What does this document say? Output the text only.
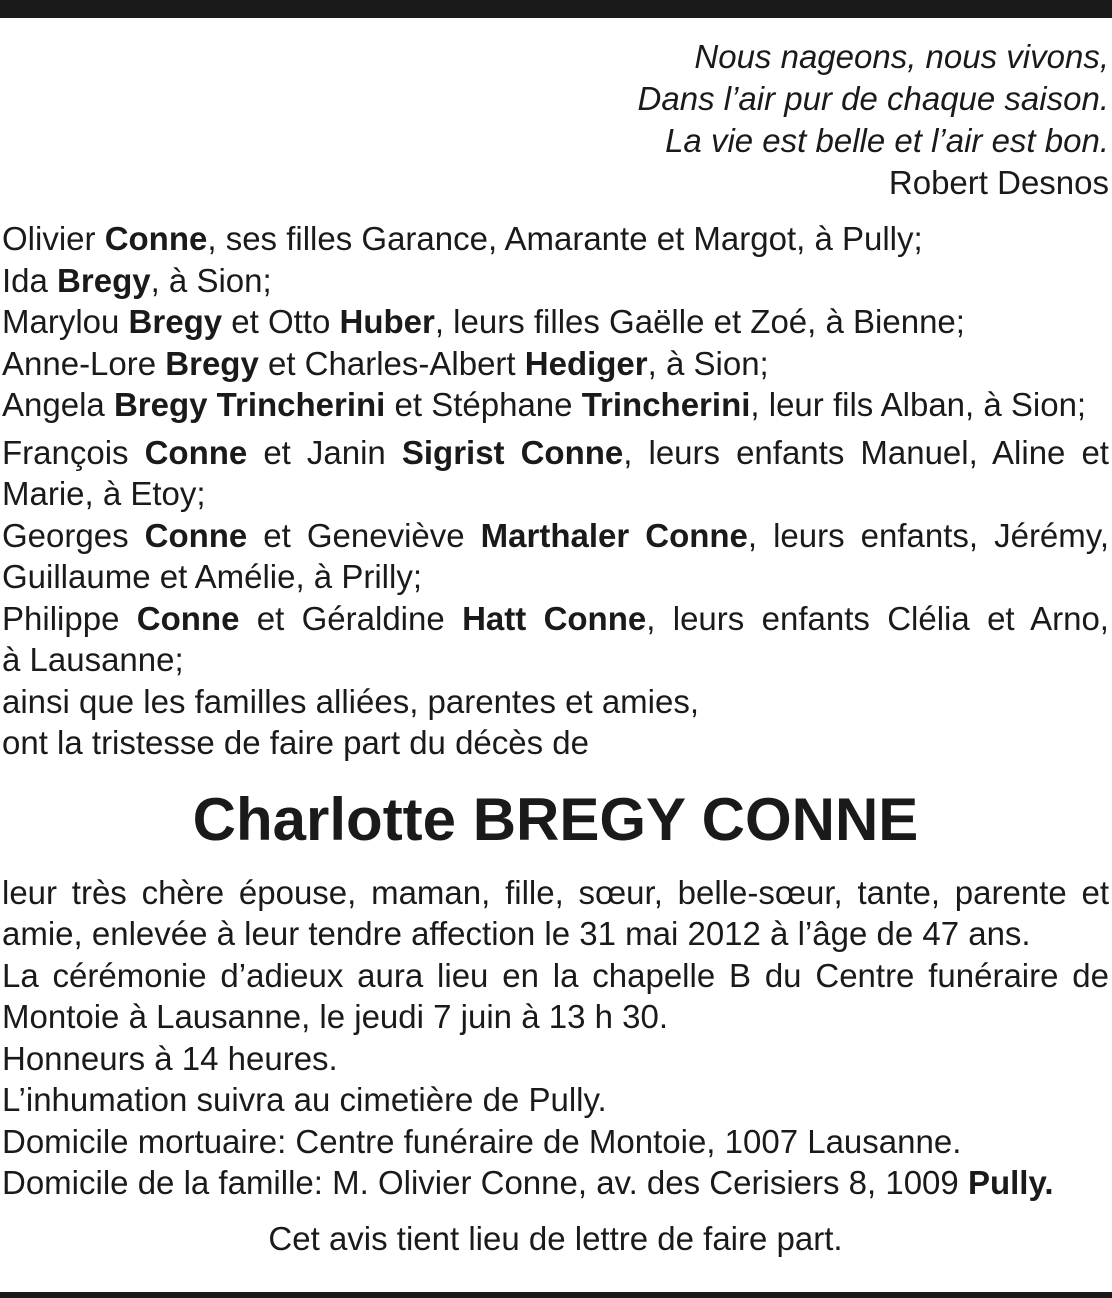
Nous nageons, nous vivons,
Dans l’air pur de chaque saison.
La vie est belle et l’air est bon.
Robert Desnos
Olivier Conne, ses filles Garance, Amarante et Margot, à Pully;
Ida Bregy, à Sion;
Marylou Bregy et Otto Huber, leurs filles Gaëlle et Zoé, à Bienne;
Anne-Lore Bregy et Charles-Albert Hediger, à Sion;
Angela Bregy Trincherini et Stéphane Trincherini, leur fils Alban, à Sion;
François Conne et Janin Sigrist Conne, leurs enfants Manuel, Aline et
Marie, à Etoy;
Georges Conne et Geneviève Marthaler Conne, leurs enfants, Jérémy,
Guillaume et Amélie, à Prilly;
Philippe Conne et Géraldine Hatt Conne, leurs enfants Clélia et Arno,
à Lausanne;
ainsi que les familles alliées, parentes et amies,
ont la tristesse de faire part du décès de
Charlotte BREGY CONNE
leur très chère épouse, maman, fille, sœur, belle-sœur, tante, parente et
amie, enlevée à leur tendre affection le 31 mai 2012 à l’âge de 47 ans.
La cérémonie d’adieux aura lieu en la chapelle B du Centre funéraire de
Montoie à Lausanne, le jeudi 7 juin à 13 h 30.
Honneurs à 14 heures.
L’inhumation suivra au cimetière de Pully.
Domicile mortuaire: Centre funéraire de Montoie, 1007 Lausanne.
Domicile de la famille: M. Olivier Conne, av. des Cerisiers 8, 1009 Pully.
Cet avis tient lieu de lettre de faire part.
